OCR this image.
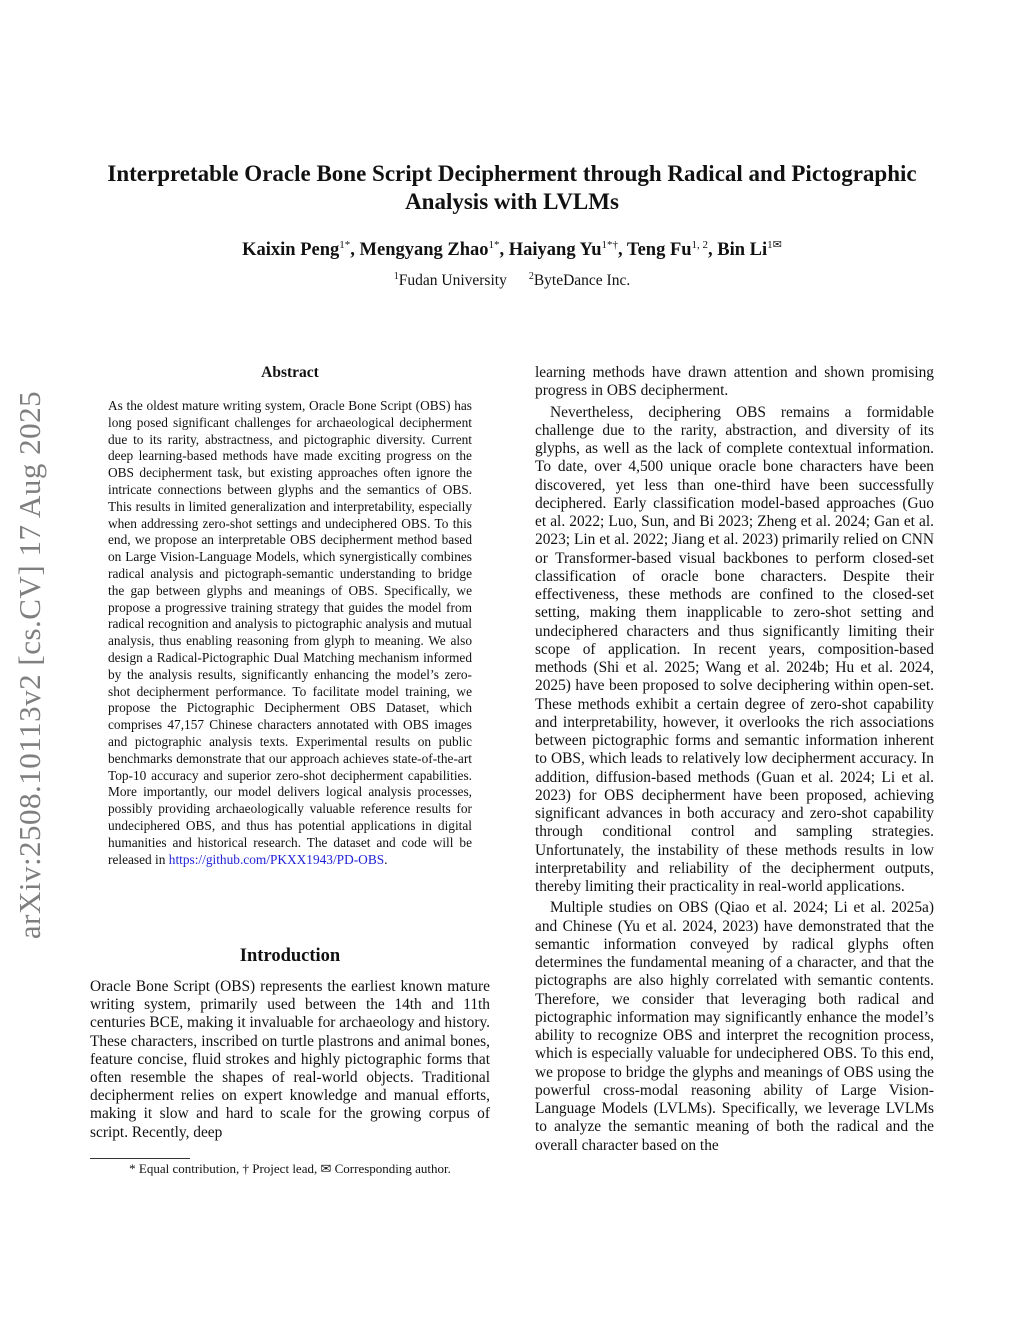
arXiv:2508.10113v2 [cs.CV] 17 Aug 2025
Interpretable Oracle Bone Script Decipherment through Radical and Pictographic Analysis with LVLMs
Kaixin Peng$^{1*}$, Mengyang Zhao$^{1*}$, Haiyang $Yu^{1*\dagger}$, Teng Fu$^{1, 2}$, Bin $Li^{1✉}$
$^1$Fudan University $^2$ByteDance Inc.
Abstract
As the oldest mature writing system, Oracle Bone Script (OBS) has long posed significant challenges for archaeological decipherment due to its rarity, abstractness, and pictographic diversity. Current deep learning-based methods have made exciting progress on the OBS decipherment task, but existing approaches often ignore the intricate connections between glyphs and the semantics of OBS. This results in limited generalization and interpretability, especially when addressing zero-shot settings and undeciphered OBS. To this end, we propose an interpretable OBS decipherment method based on Large Vision-Language Models, which synergistically combines radical analysis and pictograph-semantic understanding to bridge the gap between glyphs and meanings of OBS. Specifically, we propose a progressive training strategy that guides the model from radical recognition and analysis to pictographic analysis and mutual analysis, thus enabling reasoning from glyph to meaning. We also design a Radical-Pictographic Dual Matching mechanism informed by the analysis results, significantly enhancing the model’s zero-shot decipherment performance. To facilitate model training, we propose the Pictographic Decipherment OBS Dataset, which comprises 47,157 Chinese characters annotated with OBS images and pictographic analysis texts. Experimental results on public benchmarks demonstrate that our approach achieves state-of-the-art Top-10 accuracy and superior zero-shot decipherment capabilities. More importantly, our model delivers logical analysis processes, possibly providing archaeologically valuable reference results for undeciphered OBS, and thus has potential applications in digital humanities and historical research. The dataset and code will be released in https://github.com/PKXX1943/PD-OBS.
Introduction

Oracle Bone Script (OBS) represents the earliest known mature writing system, primarily used between the 14th and 11th centuries BCE, making it invaluable for archaeology and history. These characters, inscribed on turtle plastrons and animal bones, feature concise, fluid strokes and highly pictographic forms that often resemble the shapes of real-world objects. Traditional decipherment relies on expert knowledge and manual efforts, making it slow and hard to scale for the growing corpus of script. Recently, deep

* Equal contribution, † Project lead, ✉ Corresponding author.

learning methods have drawn attention and shown promising progress in OBS decipherment.

Nevertheless, deciphering OBS remains a formidable challenge due to the rarity, abstraction, and diversity of its glyphs, as well as the lack of complete contextual information. To date, over 4,500 unique oracle bone characters have been discovered, yet less than one-third have been successfully deciphered. Early classification model-based approaches (Guo et al. 2022; Luo, Sun, and Bi 2023; Zheng et al. 2024; Gan et al. 2023; Lin et al. 2022; Jiang et al. 2023) primarily relied on CNN or Transformer-based visual backbones to perform closed-set classification of oracle bone characters. Despite their effectiveness, these methods are confined to the closed-set setting, making them inapplicable to zero-shot setting and undeciphered characters and thus significantly limiting their scope of application. In recent years, composition-based methods (Shi et al. 2025; Wang et al. 2024b; Hu et al. 2024, 2025) have been proposed to solve deciphering within open-set. These methods exhibit a certain degree of zero-shot capability and interpretability, however, it overlooks the rich associations between pictographic forms and semantic information inherent to OBS, which leads to relatively low decipherment accuracy. In addition, diffusion-based methods (Guan et al. 2024; Li et al. 2023) for OBS decipherment have been proposed, achieving significant advances in both accuracy and zero-shot capability through conditional control and sampling strategies. Unfortunately, the instability of these methods results in low interpretability and reliability of the decipherment outputs, thereby limiting their practicality in real-world applications.

Multiple studies on OBS (Qiao et al. 2024; Li et al. 2025a) and Chinese (Yu et al. 2024, 2023) have demonstrated that the semantic information conveyed by radical glyphs often determines the fundamental meaning of a character, and that the pictographs are also highly correlated with semantic contents. Therefore, we consider that leveraging both radical and pictographic information may significantly enhance the model’s ability to recognize OBS and interpret the recognition process, which is especially valuable for undeciphered OBS. To this end, we propose to bridge the glyphs and meanings of OBS using the powerful cross-modal reasoning ability of Large Vision-Language Models (LVLMs). Specifically, we leverage LVLMs to analyze the semantic meaning of both the radical and the overall character based on the
